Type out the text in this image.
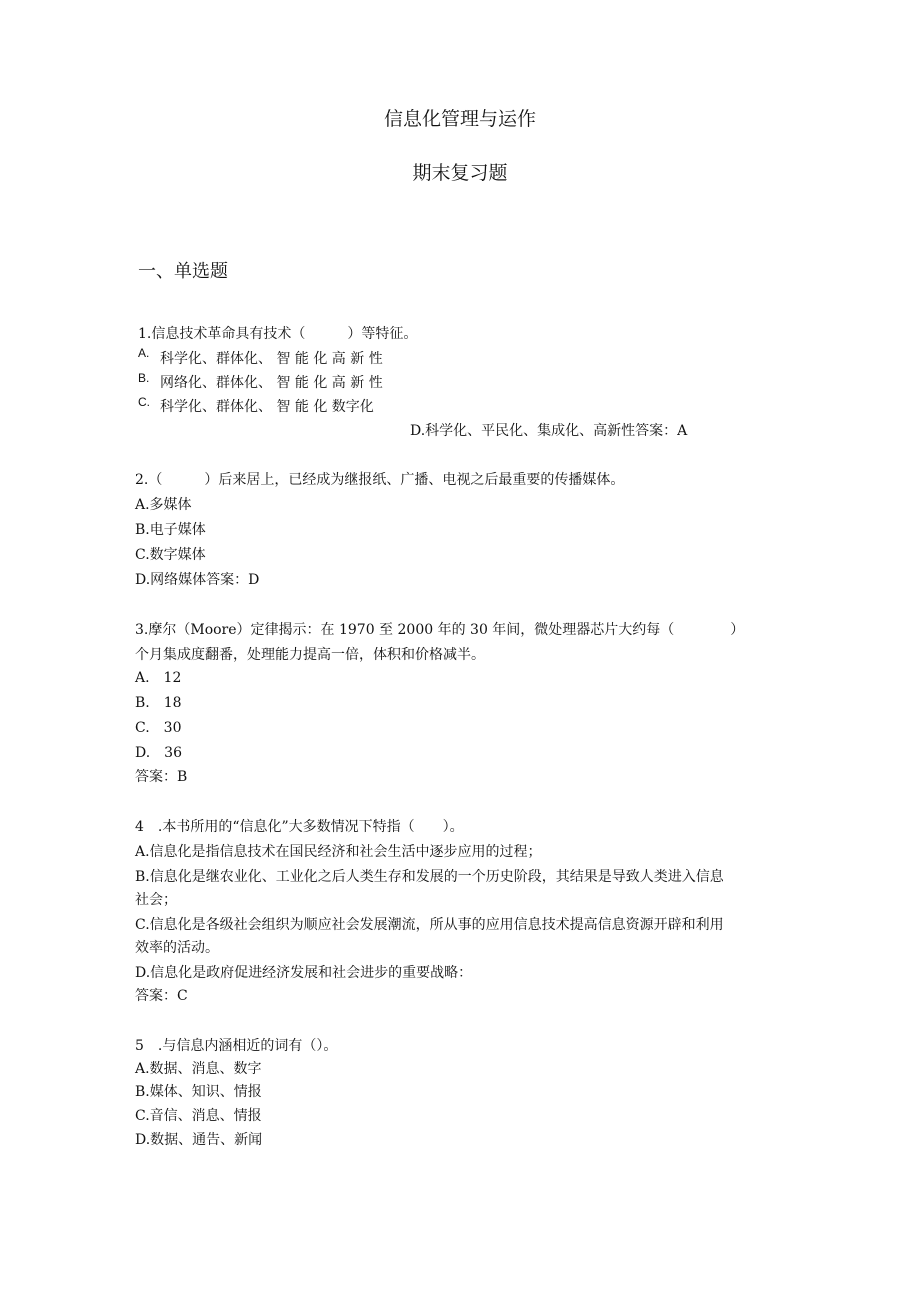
信息化管理与运作
期末复习题
一、单选题
1.信息技术革命具有技术（　　　）等特征。
A. 科学化、群体化、 智 能 化 高 新 性
B. 网络化、群体化、 智 能 化 高 新 性
C. 科学化、群体化、 智 能 化 数字化
D.科学化、平民化、集成化、高新性答案：A
2.（　　　）后来居上，已经成为继报纸、广播、电视之后最重要的传播媒体。
A.多媒体
B.电子媒体
C.数字媒体
D.网络媒体答案：D
3.摩尔（Moore）定律揭示：在 1970 至 2000 年的 30 年间，微处理器芯片大约每（　　　　）
个月集成度翻番，处理能力提高一倍，体积和价格减半。
A.　12
B.　18
C.　30
D.　36
答案：B
4　.本书所用的“信息化”大多数情况下特指（　　）。
A.信息化是指信息技术在国民经济和社会生活中逐步应用的过程；
B.信息化是继农业化、工业化之后人类生存和发展的一个历史阶段，其结果是导致人类进入信息
社会；
C.信息化是各级社会组织为顺应社会发展潮流，所从事的应用信息技术提高信息资源开辟和利用
效率的活动。
D.信息化是政府促进经济发展和社会进步的重要战略：
答案：C
5　.与信息内涵相近的词有（）。
A.数据、消息、数字
B.媒体、知识、情报
C.音信、消息、情报
D.数据、通告、新闻
